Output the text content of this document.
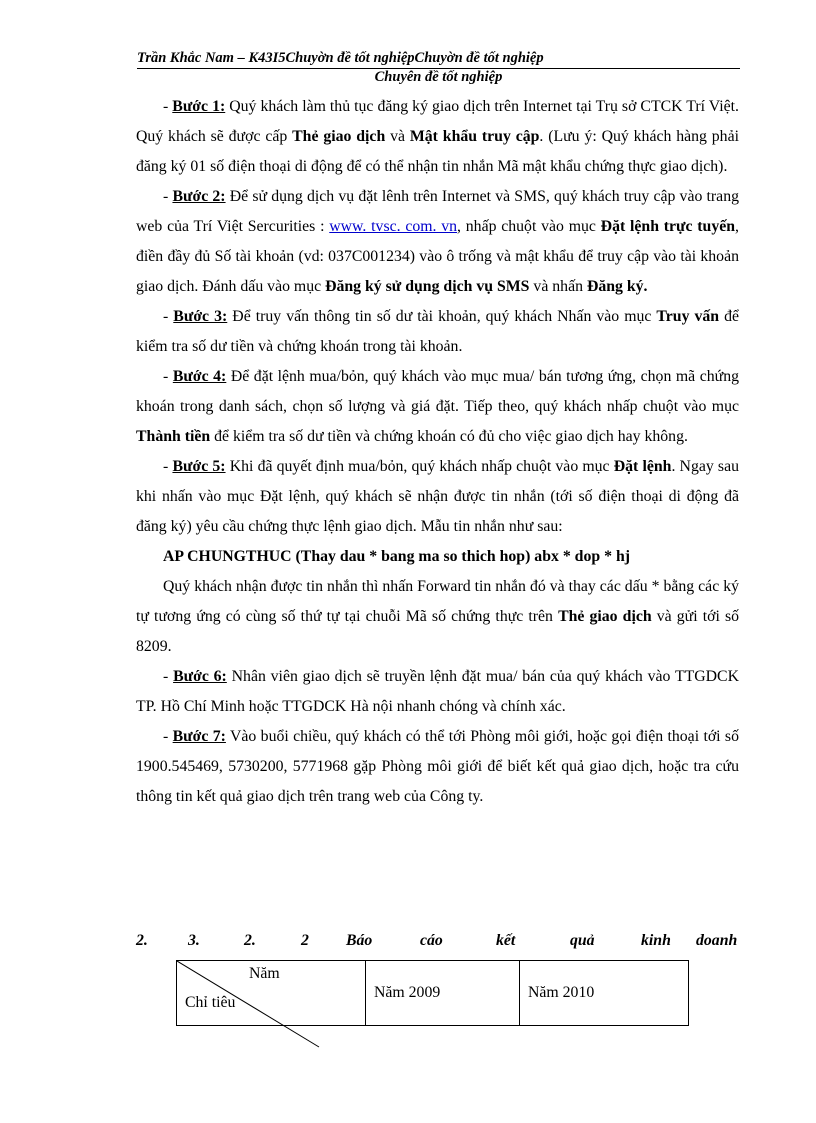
Trần Khắc Nam – K43I5Chuyờn đề tốt nghiệpChuyờn đề tốt nghiệp
Chuyên đề tốt nghiệp

- Bước 1: Quý khách làm thủ tục đăng ký giao dịch trên Internet tại Trụ sở CTCK Trí Việt. Quý khách sẽ được cấp Thẻ giao dịch và Mật khẩu truy cập. (Lưu ý: Quý khách hàng phải đăng ký 01 số điện thoại di động để có thể nhận tin nhắn Mã mật khẩu chứng thực giao dịch).

- Bước 2: Để sử dụng dịch vụ đặt lênh trên Internet và SMS, quý khách truy cập vào trang web của Trí Việt Sercurities : www. tvsc. com. vn, nhấp chuột vào mục Đặt lệnh trực tuyến, điền đầy đủ Số tài khoản (vd: 037C001234) vào ô trống và mật khẩu để truy cập vào tài khoản giao dịch. Đánh dấu vào mục Đăng ký sử dụng dịch vụ SMS và nhấn Đăng ký.

- Bước 3: Để truy vấn thông tin số dư tài khoản, quý khách Nhấn vào mục Truy vấn để kiểm tra số dư tiền và chứng khoán trong tài khoản.

- Bước 4: Để đặt lệnh mua/bỏn, quý khách vào mục mua/ bán tương ứng, chọn mã chứng khoán trong danh sách, chọn số lượng và giá đặt. Tiếp theo, quý khách nhấp chuột vào mục Thành tiền để kiểm tra số dư tiền và chứng khoán có đủ cho việc giao dịch hay không.

- Bước 5: Khi đã quyết định mua/bỏn, quý khách nhấp chuột vào mục Đặt lệnh. Ngay sau khi nhấn vào mục Đặt lệnh, quý khách sẽ nhận được tin nhắn (tới số điện thoại di động đã đăng ký) yêu cầu chứng thực lệnh giao dịch. Mẫu tin nhắn như sau:

AP CHUNGTHUC (Thay dau * bang ma so thich hop) abx * dop * hj

Quý khách nhận được tin nhắn thì nhấn Forward tin nhắn đó và thay các dấu * bằng các ký tự tương ứng có cùng số thứ tự tại chuỗi Mã số chứng thực trên Thẻ giao dịch và gửi tới số 8209.

- Bước 6: Nhân viên giao dịch sẽ truyền lệnh đặt mua/ bán của quý khách vào TTGDCK TP. Hồ Chí Minh hoặc TTGDCK Hà nội nhanh chóng và chính xác.

- Bước 7: Vào buổi chiều, quý khách có thể tới Phòng môi giới, hoặc gọi điện thoại tới số 1900.545469, 5730200, 5771968 gặp Phòng môi giới để biết kết quả giao dịch, hoặc tra cứu thông tin kết quả giao dịch trên trang web của Công ty.

2.	3.	2.	2 Báo	cáo	kết	quả	kinh doanh
Năm
Chỉ tiêu
	Năm 2009	Năm 2010
